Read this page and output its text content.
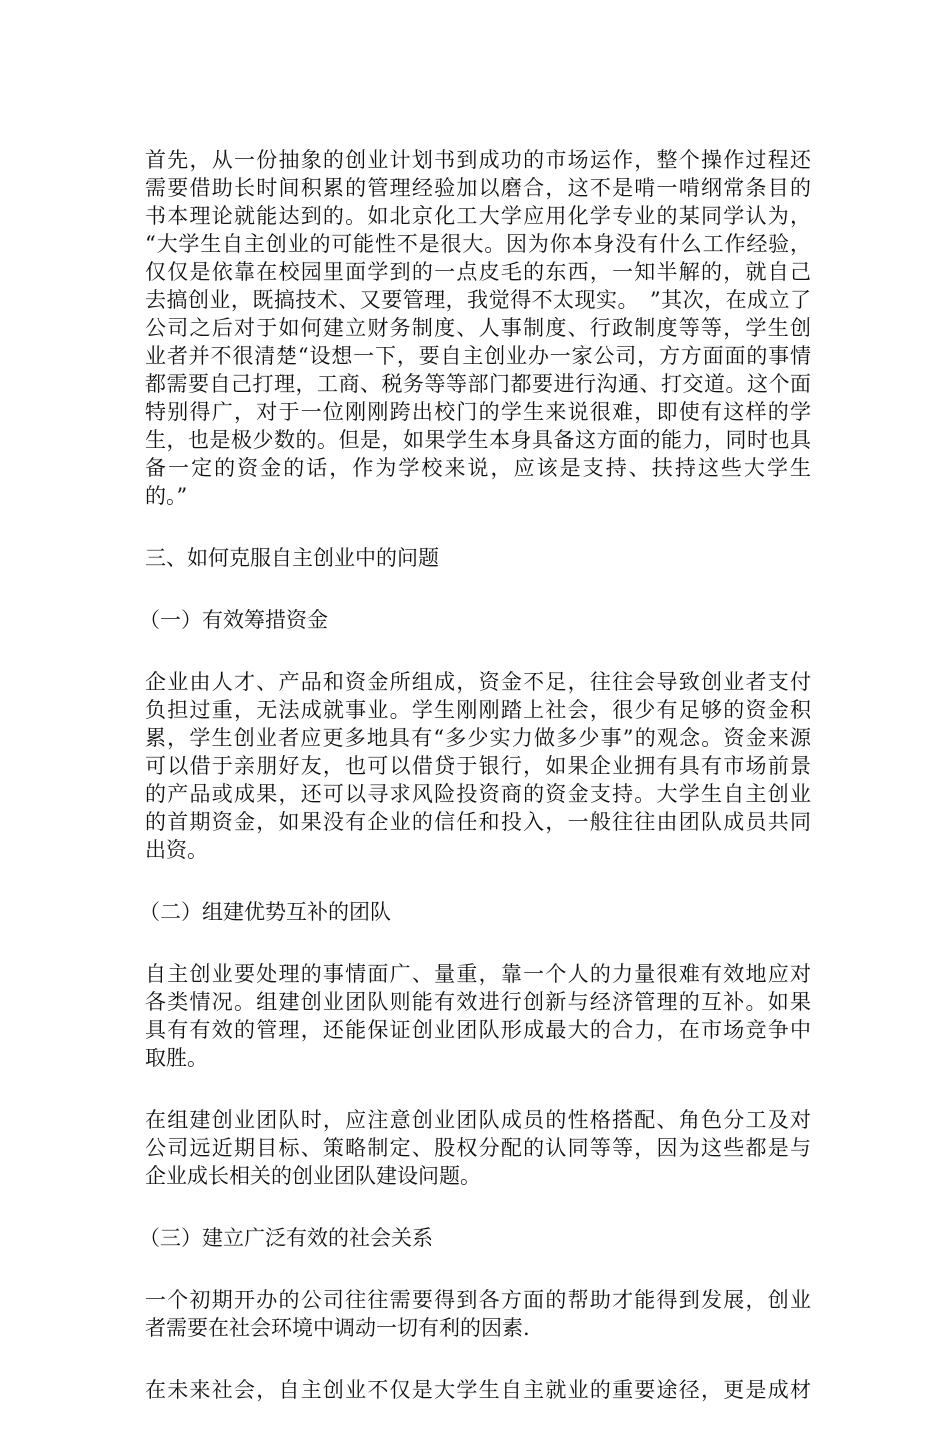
首先，从一份抽象的创业计划书到成功的市场运作，整个操作过程还
需要借助长时间积累的管理经验加以磨合，这不是啃一啃纲常条目的
书本理论就能达到的。如北京化工大学应用化学专业的某同学认为，
“大学生自主创业的可能性不是很大。因为你本身没有什么工作经验，
仅仅是依靠在校园里面学到的一点皮毛的东西，一知半解的，就自己
去搞创业，既搞技术、又要管理，我觉得不太现实。　”其次，在成立了
公司之后对于如何建立财务制度、人事制度、行政制度等等，学生创
业者并不很清楚“设想一下，要自主创业办一家公司，方方面面的事情
都需要自己打理，工商、税务等等部门都要进行沟通、打交道。这个面
特别得广，对于一位刚刚跨出校门的学生来说很难，即使有这样的学
生，也是极少数的。但是，如果学生本身具备这方面的能力，同时也具
备一定的资金的话，作为学校来说，应该是支持、扶持这些大学生
的。”
三、如何克服自主创业中的问题
（一）有效筹措资金
企业由人才、产品和资金所组成，资金不足，往往会导致创业者支付
负担过重，无法成就事业。学生刚刚踏上社会，很少有足够的资金积
累，学生创业者应更多地具有“多少实力做多少事”的观念。资金来源
可以借于亲朋好友，也可以借贷于银行，如果企业拥有具有市场前景
的产品或成果，还可以寻求风险投资商的资金支持。大学生自主创业
的首期资金，如果没有企业的信任和投入，一般往往由团队成员共同
出资。
（二）组建优势互补的团队
自主创业要处理的事情面广、量重，靠一个人的力量很难有效地应对
各类情况。组建创业团队则能有效进行创新与经济管理的互补。如果
具有有效的管理，还能保证创业团队形成最大的合力，在市场竞争中
取胜。
在组建创业团队时，应注意创业团队成员的性格搭配、角色分工及对
公司远近期目标、策略制定、股权分配的认同等等，因为这些都是与
企业成长相关的创业团队建设问题。
（三）建立广泛有效的社会关系
一个初期开办的公司往往需要得到各方面的帮助才能得到发展，创业
者需要在社会环境中调动一切有利的因素.
在未来社会，自主创业不仅是大学生自主就业的重要途径，更是成材
